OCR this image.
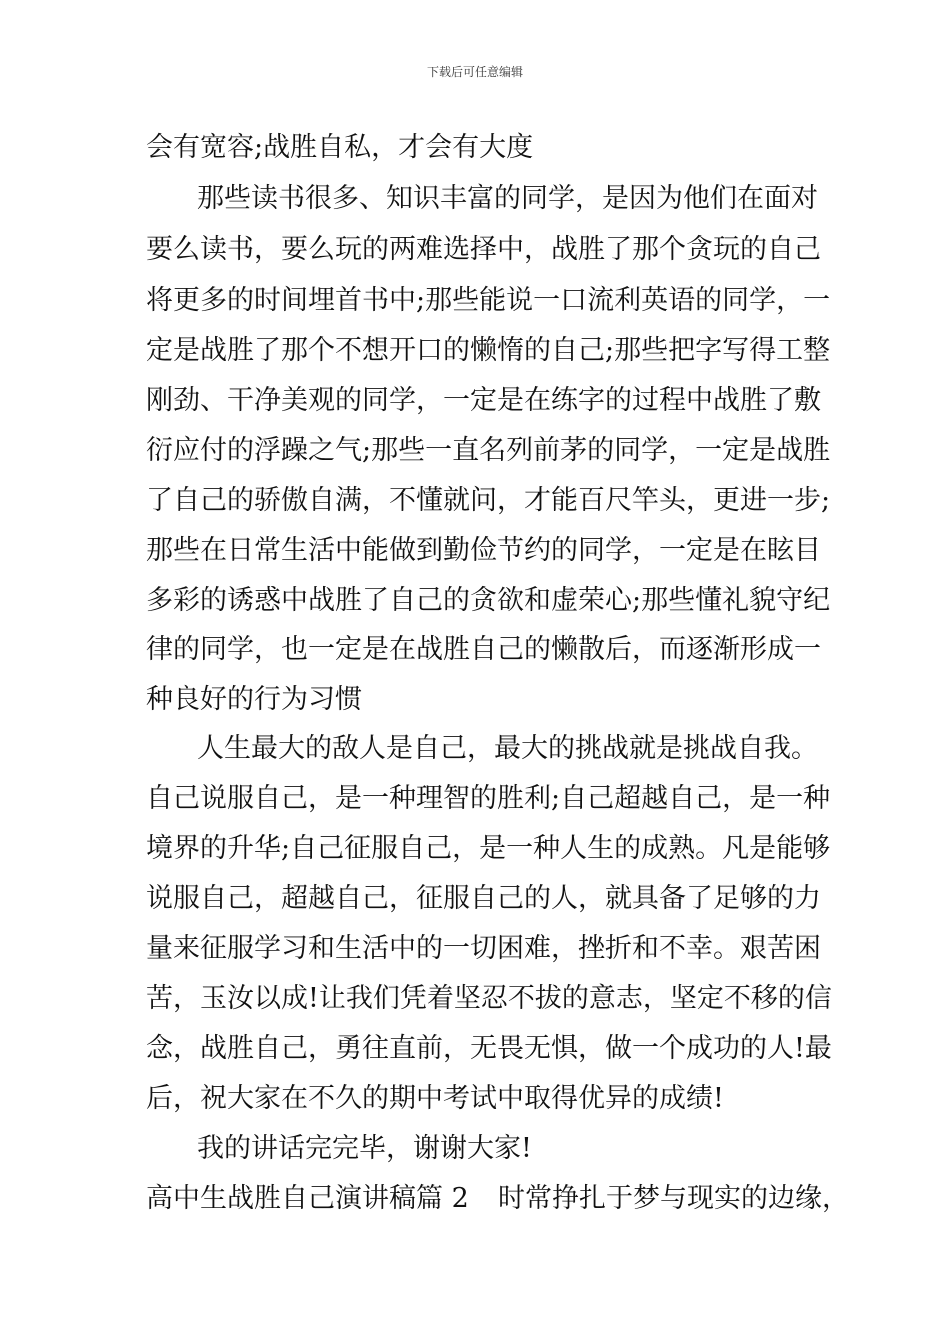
下载后可任意编辑
会有宽容;战胜自私，才会有大度
那些读书很多、知识丰富的同学，是因为他们在面对
要么读书，要么玩的两难选择中，战胜了那个贪玩的自己
将更多的时间埋首书中;那些能说一口流利英语的同学，一
定是战胜了那个不想开口的懒惰的自己;那些把字写得工整
刚劲、干净美观的同学，一定是在练字的过程中战胜了敷
衍应付的浮躁之气;那些一直名列前茅的同学，一定是战胜
了自己的骄傲自满，不懂就问，才能百尺竿头，更进一步;
那些在日常生活中能做到勤俭节约的同学，一定是在眩目
多彩的诱惑中战胜了自己的贪欲和虚荣心;那些懂礼貌守纪
律的同学，也一定是在战胜自己的懒散后，而逐渐形成一
种良好的行为习惯
人生最大的敌人是自己，最大的挑战就是挑战自我。
自己说服自己，是一种理智的胜利;自己超越自己，是一种
境界的升华;自己征服自己，是一种人生的成熟。凡是能够
说服自己，超越自己，征服自己的人，就具备了足够的力
量来征服学习和生活中的一切困难，挫折和不幸。艰苦困
苦，玉汝以成!让我们凭着坚忍不拔的意志，坚定不移的信
念，战胜自己，勇往直前，无畏无惧，做一个成功的人!最
后，祝大家在不久的期中考试中取得优异的成绩!
我的讲话完完毕，谢谢大家!
高中生战胜自己演讲稿篇 2 时常挣扎于梦与现实的边缘，
